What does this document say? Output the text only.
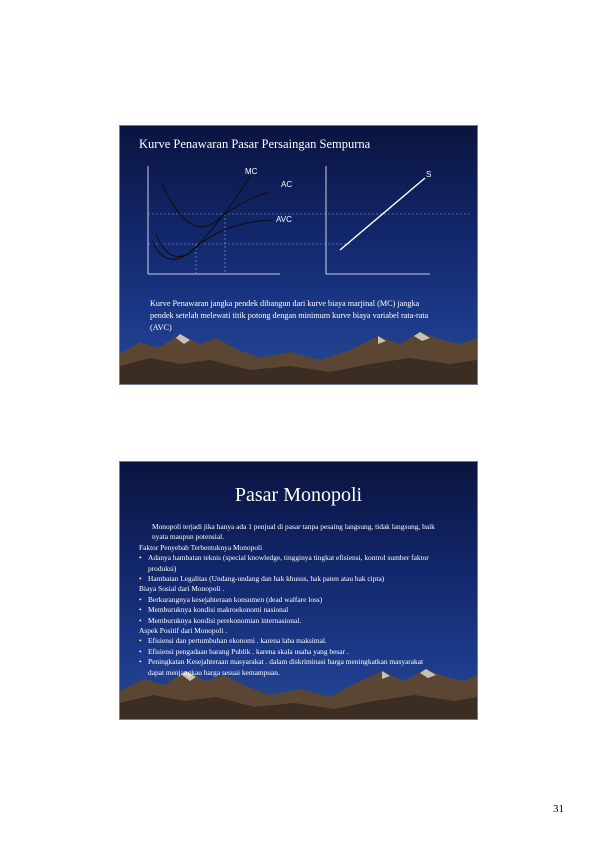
Kurve Penawaran Pasar Persaingan Sempurna
MC
AC
AVC
S
Kurve Penawaran jangka pendek dibangun dari kurve biaya marjinal (MC) jangka pendek setelah melewati titik potong dengan minimum kurve biaya variabel rata-rata (AVC)
Pasar Monopoli
Monopoli terjadi jika hanya ada 1 penjual di pasar tanpa pesaing langsung, tidak langsung, baik nyata maupun potensial.
Faktor Penyebab Terbentuknya Monopoli
• Adanya hambatan teknis (special knowledge, tingginya tingkat efisiensi, kontrol sumber faktor produksi)
• Hambatan Legalitas (Undang-undang dan hak khusus, hak paten atau hak cipta)
Biaya Sosial dari Monopoli .
• Berkurangnya kesejahteraan konsumen (dead walfare loss)
• Memburuknya kondisi makroekonomi nasional
• Memburuknya kondisi perekonomian internasional.
Aspek Positif dari Monopoli .
• Efisiensi dan pertumbuhan ekonomi . karena laba maksimal.
• Efisiensi pengadaan barang Publik . karena skala usaha yang besar .
• Peningkatan Kesejahteraan masyarakat . dalam diskriminasi harga meningkatkan masyarakat dapat menjangkau harga sesuai kemampuan.
31
